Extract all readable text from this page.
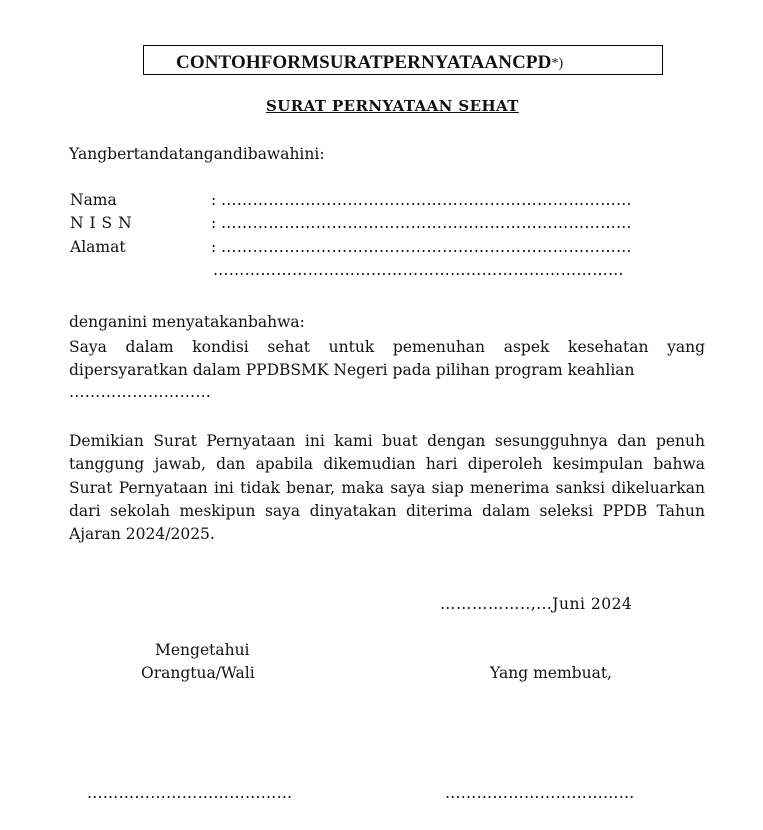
CONTOHFORMSURATPERNYATAANCPD*)
SURAT PERNYATAAN SEHAT
Yangbertandatangandibawahini:
Nama	: ……………………………………………………………………
N I S N	: ……………………………………………………………………
Alamat	: ……………………………………………………………………
……………………………………………………………………
denganini menyatakanbahwa:
Saya dalam kondisi sehat untuk pemenuhan aspek kesehatan yang dipersyaratkan dalam PPDBSMK Negeri pada pilihan program keahlian
………………………
Demikian Surat Pernyataan ini kami buat dengan sesungguhnya dan penuh tanggung jawab, dan apabila dikemudian hari diperoleh kesimpulan bahwa Surat Pernyataan ini tidak benar, maka saya siap menerima sanksi dikeluarkan dari sekolah meskipun saya dinyatakan diterima dalam seleksi PPDB Tahun Ajaran 2024/2025.
……………..,…Juni 2024
Mengetahui
Orangtua/Wali	Yang membuat,
…………………………………	………………………………
